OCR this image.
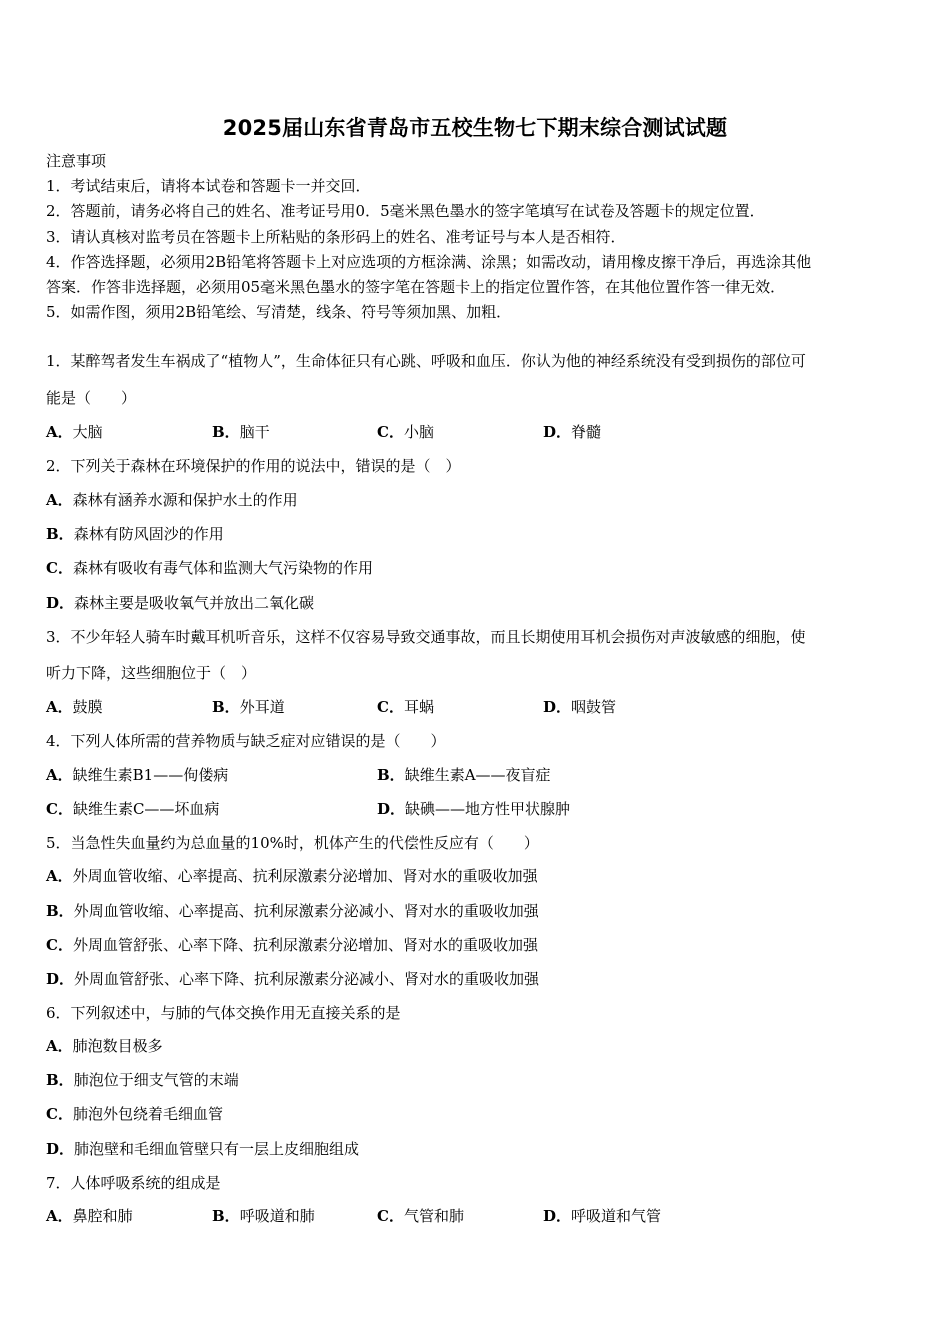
2025届山东省青岛市五校生物七下期末综合测试试题
注意事项
1．考试结束后，请将本试卷和答题卡一并交回．
2．答题前，请务必将自己的姓名、准考证号用0．5毫米黑色墨水的签字笔填写在试卷及答题卡的规定位置．
3．请认真核对监考员在答题卡上所粘贴的条形码上的姓名、准考证号与本人是否相符．
4．作答选择题，必须用2B铅笔将答题卡上对应选项的方框涂满、涂黑；如需改动，请用橡皮擦干净后，再选涂其他
答案．作答非选择题，必须用05毫米黑色墨水的签字笔在答题卡上的指定位置作答，在其他位置作答一律无效．
5．如需作图，须用2B铅笔绘、写清楚，线条、符号等须加黑、加粗．
1．某醉驾者发生车祸成了“植物人”，生命体征只有心跳、呼吸和血压．你认为他的神经系统没有受到损伤的部位可
能是（　　）
A．大脑	B．脑干	C．小脑	D．脊髓
2．下列关于森林在环境保护的作用的说法中，错误的是（　）
A．森林有涵养水源和保护水土的作用
B．森林有防风固沙的作用
C．森林有吸收有毒气体和监测大气污染物的作用
D．森林主要是吸收氧气并放出二氧化碳
3．不少年轻人骑车时戴耳机听音乐，这样不仅容易导致交通事故，而且长期使用耳机会损伤对声波敏感的细胞，使
听力下降，这些细胞位于（　）
A．鼓膜	B．外耳道	C．耳蜗	D．咽鼓管
4．下列人体所需的营养物质与缺乏症对应错误的是（　　）
A．缺维生素B1——佝偻病	B．缺维生素A——夜盲症
C．缺维生素C——坏血病	D．缺碘——地方性甲状腺肿
5．当急性失血量约为总血量的10%时，机体产生的代偿性反应有（　　）
A．外周血管收缩、心率提高、抗利尿激素分泌增加、肾对水的重吸收加强
B．外周血管收缩、心率提高、抗利尿激素分泌减小、肾对水的重吸收加强
C．外周血管舒张、心率下降、抗利尿激素分泌增加、肾对水的重吸收加强
D．外周血管舒张、心率下降、抗利尿激素分泌减小、肾对水的重吸收加强
6．下列叙述中，与肺的气体交换作用无直接关系的是
A．肺泡数目极多
B．肺泡位于细支气管的末端
C．肺泡外包绕着毛细血管
D．肺泡壁和毛细血管壁只有一层上皮细胞组成
7．人体呼吸系统的组成是
A．鼻腔和肺	B．呼吸道和肺	C．气管和肺	D．呼吸道和气管
